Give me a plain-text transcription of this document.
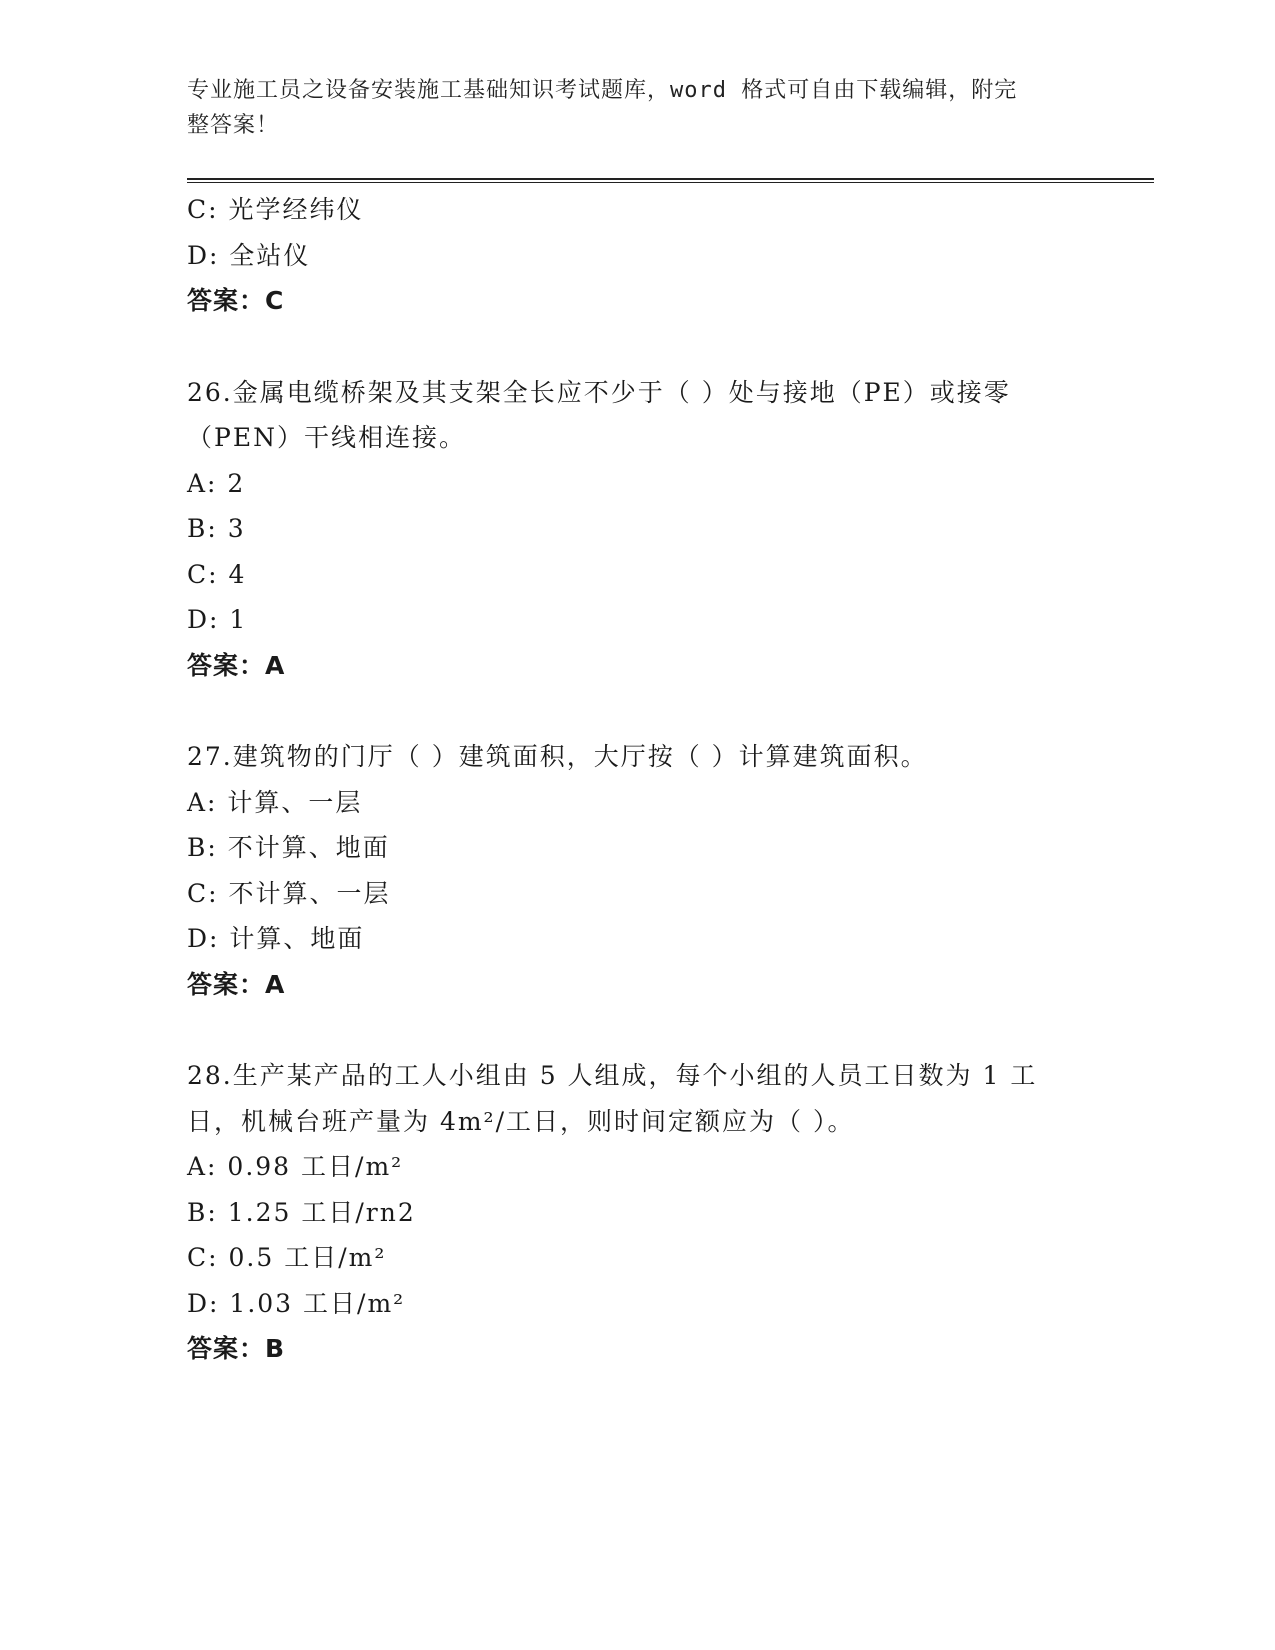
专业施工员之设备安装施工基础知识考试题库，word 格式可自由下载编辑，附完
整答案！
C: 光学经纬仪
D: 全站仪
答案：C
26.金属电缆桥架及其支架全长应不少于（ ）处与接地（PE）或接零
（PEN）干线相连接。
A: 2
B: 3
C: 4
D: 1
答案：A
27.建筑物的门厅（ ）建筑面积，大厅按（ ）计算建筑面积。
A: 计算、一层
B: 不计算、地面
C: 不计算、一层
D: 计算、地面
答案：A
28.生产某产品的工人小组由 5 人组成，每个小组的人员工日数为 1 工
日，机械台班产量为 4m²/工日，则时间定额应为（ ）。
A: 0.98 工日/m²
B: 1.25 工日/rn2
C: 0.5 工日/m²
D: 1.03 工日/m²
答案：B
